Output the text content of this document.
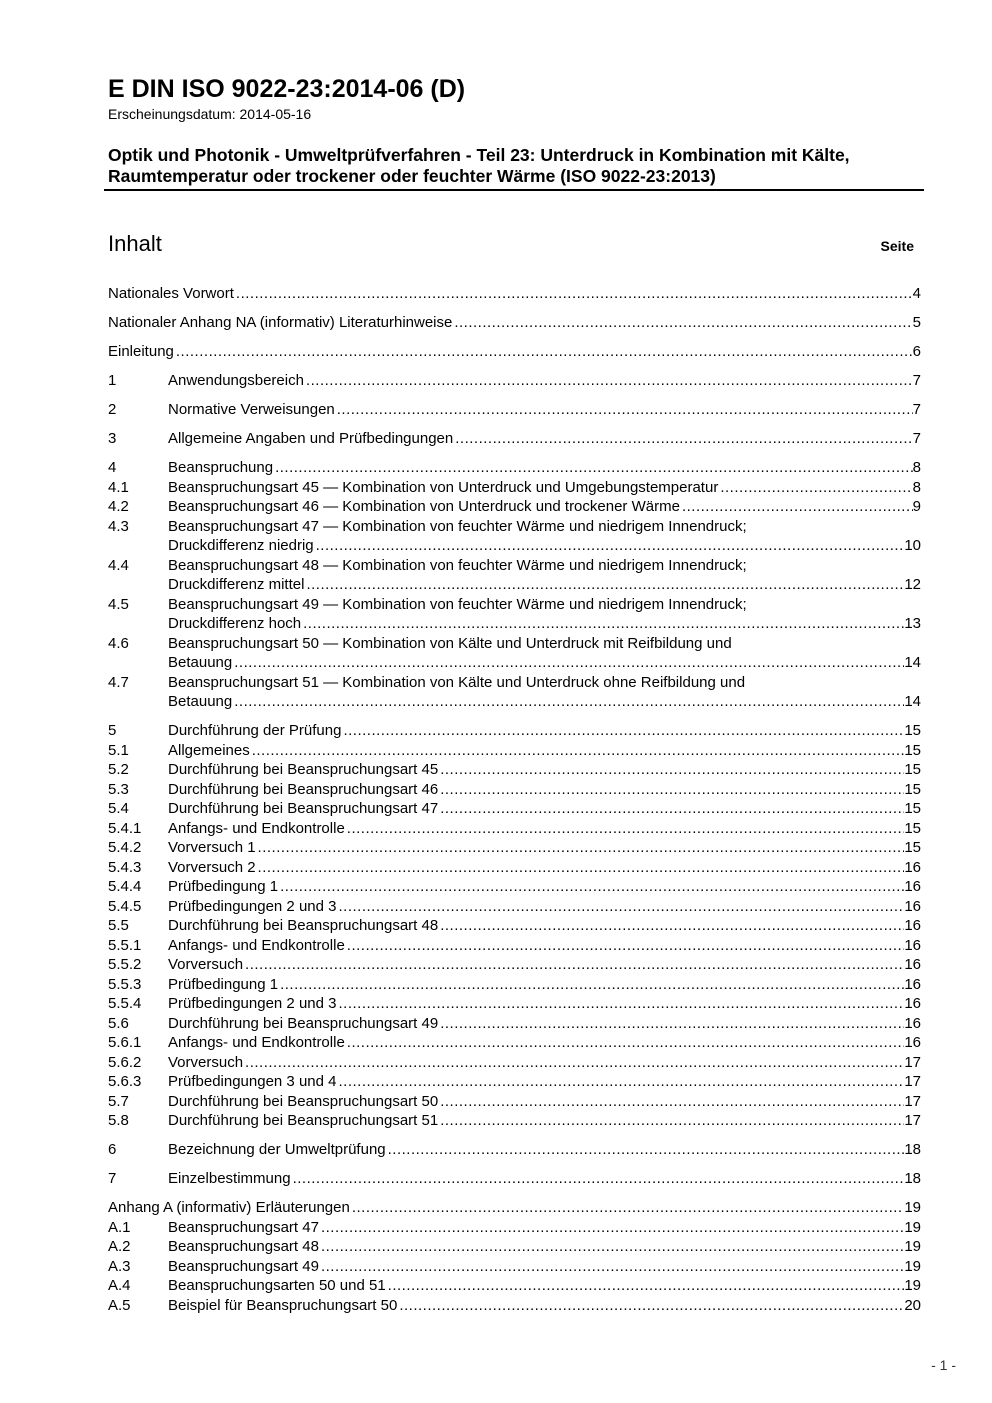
E DIN ISO 9022-23:2014-06 (D)
Erscheinungsdatum: 2014-05-16
Optik und Photonik - Umweltprüfverfahren - Teil 23: Unterdruck in Kombination mit Kälte, Raumtemperatur oder trockener oder feuchter Wärme (ISO 9022-23:2013)
Inhalt	Seite
Nationales Vorwort .....	4
Nationaler Anhang NA (informativ) Literaturhinweise .....	5
Einleitung .....	6
1	Anwendungsbereich .....	7
2	Normative Verweisungen .....	7
3	Allgemeine Angaben und Prüfbedingungen .....	7
4	Beanspruchung .....	8
4.1	Beanspruchungsart 45 — Kombination von Unterdruck und Umgebungstemperatur .....	8
4.2	Beanspruchungsart 46 — Kombination von Unterdruck und trockener Wärme .....	9
4.3	Beanspruchungsart 47 — Kombination von feuchter Wärme und niedrigem Innendruck;
Druckdifferenz niedrig .....	10
4.4	Beanspruchungsart 48 — Kombination von feuchter Wärme und niedrigem Innendruck;
Druckdifferenz mittel .....	12
4.5	Beanspruchungsart 49 — Kombination von feuchter Wärme und niedrigem Innendruck;
Druckdifferenz hoch .....	13
4.6	Beanspruchungsart 50 — Kombination von Kälte und Unterdruck mit Reifbildung und
Betauung .....	14
4.7	Beanspruchungsart 51 — Kombination von Kälte und Unterdruck ohne Reifbildung und
Betauung .....	14
5	Durchführung der Prüfung .....	15
5.1	Allgemeines .....	15
5.2	Durchführung bei Beanspruchungsart 45 .....	15
5.3	Durchführung bei Beanspruchungsart 46 .....	15
5.4	Durchführung bei Beanspruchungsart 47 .....	15
5.4.1 Anfangs- und Endkontrolle .....	15
5.4.2 Vorversuch 1 .....	15
5.4.3 Vorversuch 2 .....	16
5.4.4 Prüfbedingung 1 .....	16
5.4.5 Prüfbedingungen 2 und 3 .....	16
5.5	Durchführung bei Beanspruchungsart 48 .....	16
5.5.1 Anfangs- und Endkontrolle .....	16
5.5.2 Vorversuch .....	16
5.5.3 Prüfbedingung 1 .....	16
5.5.4 Prüfbedingungen 2 und 3 .....	16
5.6	Durchführung bei Beanspruchungsart 49 .....	16
5.6.1 Anfangs- und Endkontrolle .....	16
5.6.2 Vorversuch .....	17
5.6.3 Prüfbedingungen 3 und 4 .....	17
5.7	Durchführung bei Beanspruchungsart 50 .....	17
5.8	Durchführung bei Beanspruchungsart 51 .....	17
6	Bezeichnung der Umweltprüfung .....	18
7	Einzelbestimmung .....	18
Anhang A (informativ) Erläuterungen .....	19
A.1 Beanspruchungsart 47 .....	19
A.2 Beanspruchungsart 48 .....	19
A.3 Beanspruchungsart 49 .....	19
A.4 Beanspruchungsarten 50 und 51 .....	19
A.5 Beispiel für Beanspruchungsart 50 .....	20
- 1 -
